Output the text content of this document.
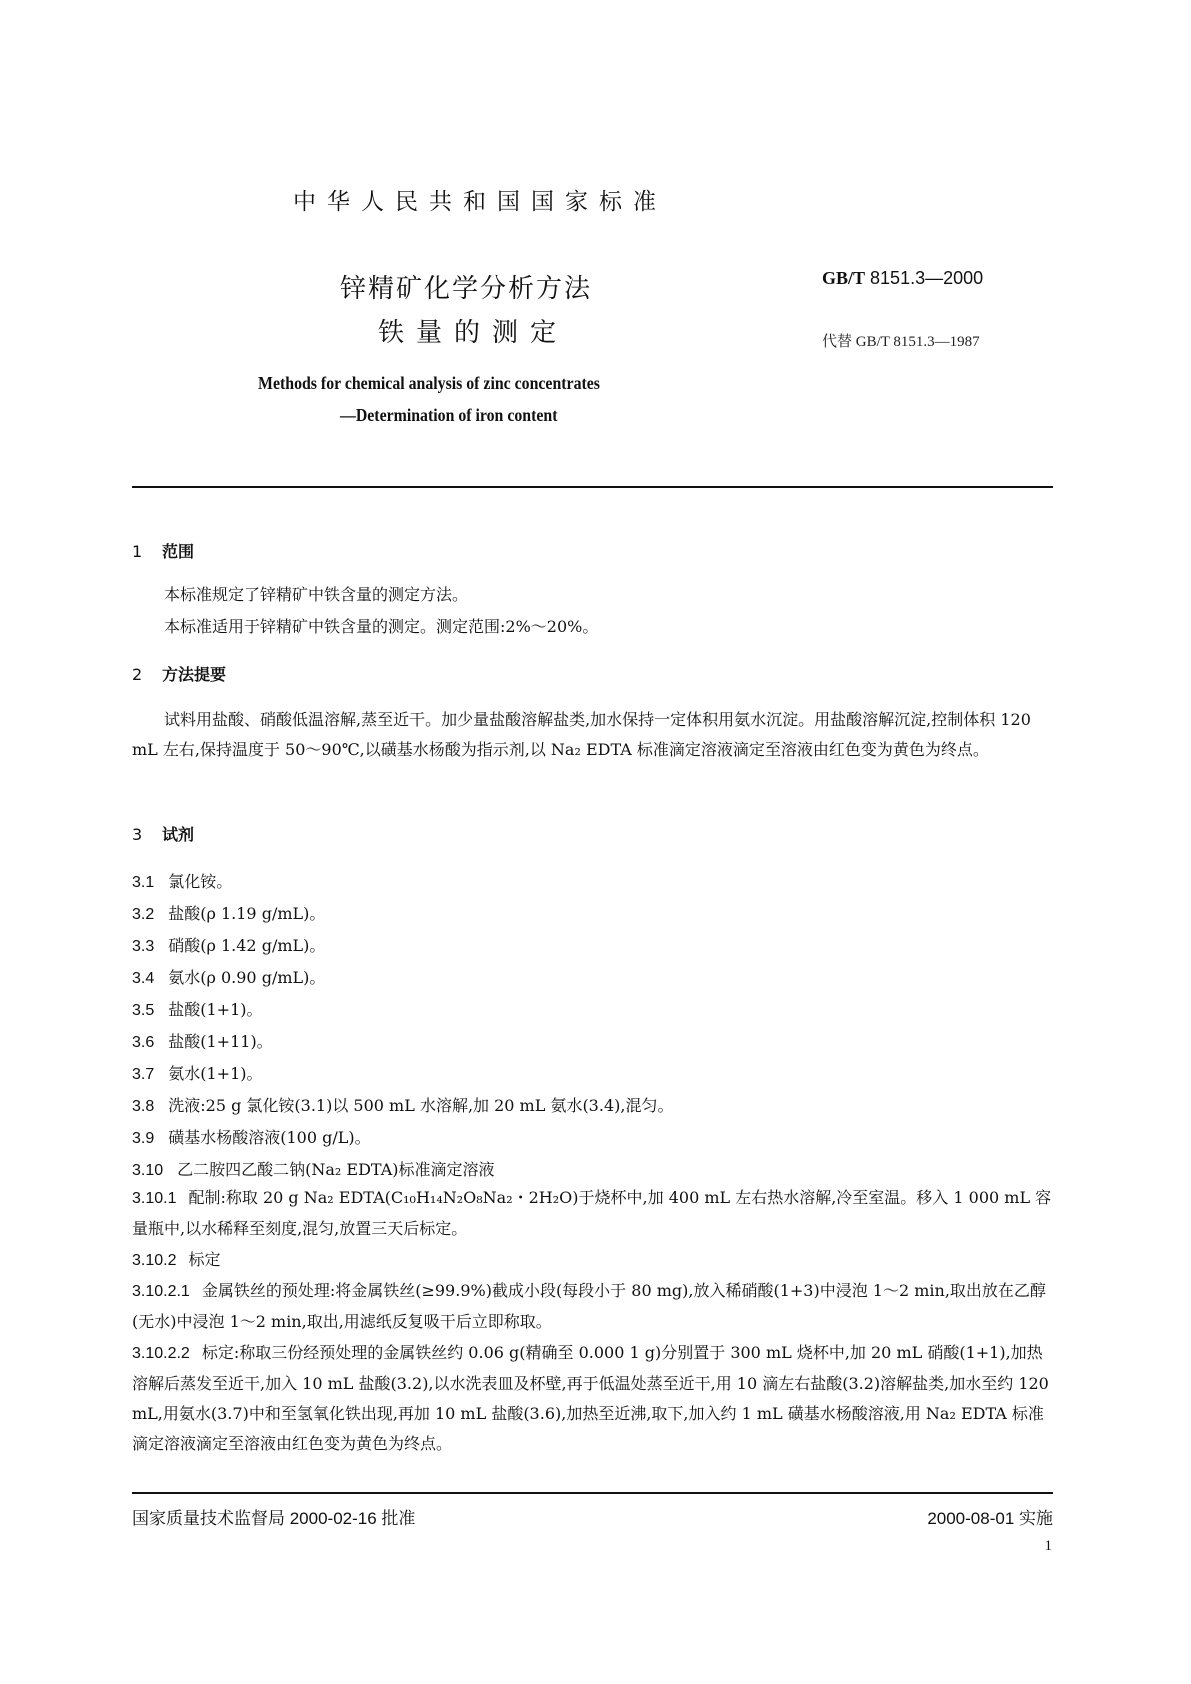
中华人民共和国国家标准
锌精矿化学分析方法
铁量的测定
GB/T 8151.3—2000
代替 GB/T 8151.3—1987
Methods for chemical analysis of zinc concentrates
—Determination of iron content
1 范围
本标准规定了锌精矿中铁含量的测定方法。
本标准适用于锌精矿中铁含量的测定。测定范围:2%～20%。
2 方法提要
试料用盐酸、硝酸低温溶解,蒸至近干。加少量盐酸溶解盐类,加水保持一定体积用氨水沉淀。用盐酸溶解沉淀,控制体积 120 mL 左右,保持温度于 50～90℃,以磺基水杨酸为指示剂,以 Na₂ EDTA 标准滴定溶液滴定至溶液由红色变为黄色为终点。
3 试剂
3.1 氯化铵。
3.2 盐酸(ρ 1.19 g/mL)。
3.3 硝酸(ρ 1.42 g/mL)。
3.4 氨水(ρ 0.90 g/mL)。
3.5 盐酸(1+1)。
3.6 盐酸(1+11)。
3.7 氨水(1+1)。
3.8 洗液:25 g 氯化铵(3.1)以 500 mL 水溶解,加 20 mL 氨水(3.4),混匀。
3.9 磺基水杨酸溶液(100 g/L)。
3.10 乙二胺四乙酸二钠(Na₂ EDTA)标准滴定溶液
3.10.1 配制:称取 20 g Na₂ EDTA(C₁₀H₁₄N₂O₈Na₂・2H₂O)于烧杯中,加 400 mL 左右热水溶解,冷至室温。移入 1 000 mL 容量瓶中,以水稀释至刻度,混匀,放置三天后标定。
3.10.2 标定
3.10.2.1 金属铁丝的预处理:将金属铁丝(≥99.9%)截成小段(每段小于 80 mg),放入稀硝酸(1+3)中浸泡 1～2 min,取出放在乙醇(无水)中浸泡 1～2 min,取出,用滤纸反复吸干后立即称取。
3.10.2.2 标定:称取三份经预处理的金属铁丝约 0.06 g(精确至 0.000 1 g)分别置于 300 mL 烧杯中,加 20 mL 硝酸(1+1),加热溶解后蒸发至近干,加入 10 mL 盐酸(3.2),以水洗表皿及杯壁,再于低温处蒸至近干,用 10 滴左右盐酸(3.2)溶解盐类,加水至约 120 mL,用氨水(3.7)中和至氢氧化铁出现,再加 10 mL 盐酸(3.6),加热至近沸,取下,加入约 1 mL 磺基水杨酸溶液,用 Na₂ EDTA 标准滴定溶液滴定至溶液由红色变为黄色为终点。
国家质量技术监督局 2000-02-16 批准	2000-08-01 实施
1
